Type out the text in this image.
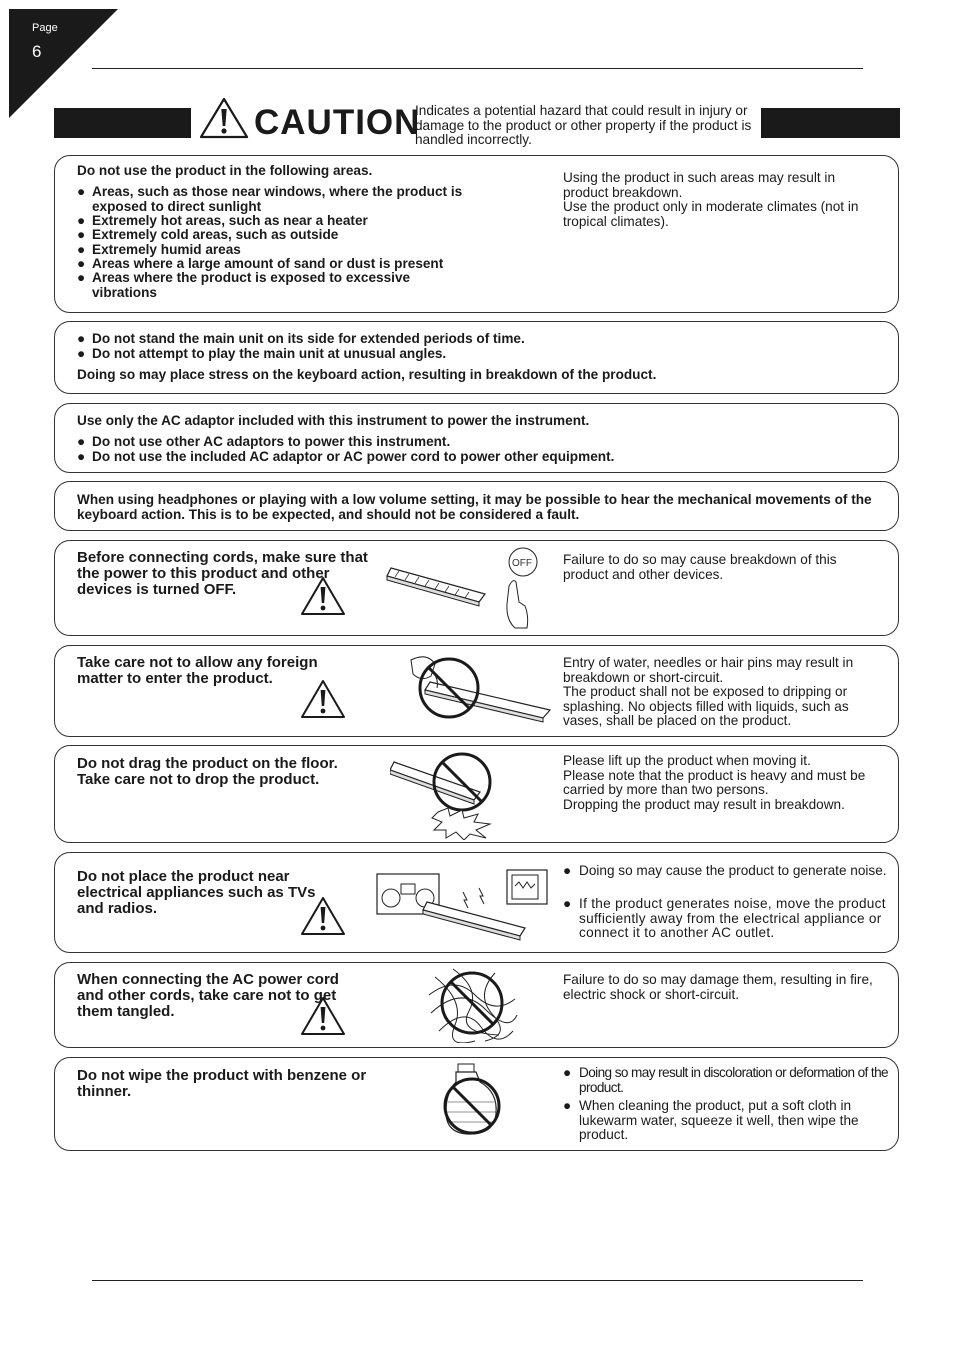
Page
6
CAUTION
Indicates a potential hazard that could result in injury or damage to the product or other property if the product is handled incorrectly.
Do not use the product in the following areas.
● Areas, such as those near windows, where the product is exposed to direct sunlight
● Extremely hot areas, such as near a heater
● Extremely cold areas, such as outside
● Extremely humid areas
● Areas where a large amount of sand or dust is present
● Areas where the product is exposed to excessive vibrations
Using the product in such areas may result in product breakdown.
Use the product only in moderate climates (not in tropical climates).
● Do not stand the main unit on its side for extended periods of time.
● Do not attempt to play the main unit at unusual angles.
Doing so may place stress on the keyboard action, resulting in breakdown of the product.
Use only the AC adaptor included with this instrument to power the instrument.
● Do not use other AC adaptors to power this instrument.
● Do not use the included AC adaptor or AC power cord to power other equipment.
When using headphones or playing with a low volume setting, it may be possible to hear the mechanical movements of the keyboard action. This is to be expected, and should not be considered a fault.
Before connecting cords, make sure that the power to this product and other devices is turned OFF.
OFF Failure to do so may cause breakdown of this product and other devices.
Take care not to allow any foreign matter to enter the product.
Entry of water, needles or hair pins may result in breakdown or short-circuit.
The product shall not be exposed to dripping or splashing. No objects filled with liquids, such as vases, shall be placed on the product.
Do not drag the product on the floor.
Take care not to drop the product.
Please lift up the product when moving it.
Please note that the product is heavy and must be carried by more than two persons.
Dropping the product may result in breakdown.
Do not place the product near electrical appliances such as TVs and radios.
● Doing so may cause the product to generate noise.
● If the product generates noise, move the product sufficiently away from the electrical appliance or connect it to another AC outlet.
When connecting the AC power cord and other cords, take care not to get them tangled.
Failure to do so may damage them, resulting in fire, electric shock or short-circuit.
Do not wipe the product with benzene or thinner.
● Doing so may result in discoloration or deformation of the product.
● When cleaning the product, put a soft cloth in lukewarm water, squeeze it well, then wipe the product.
